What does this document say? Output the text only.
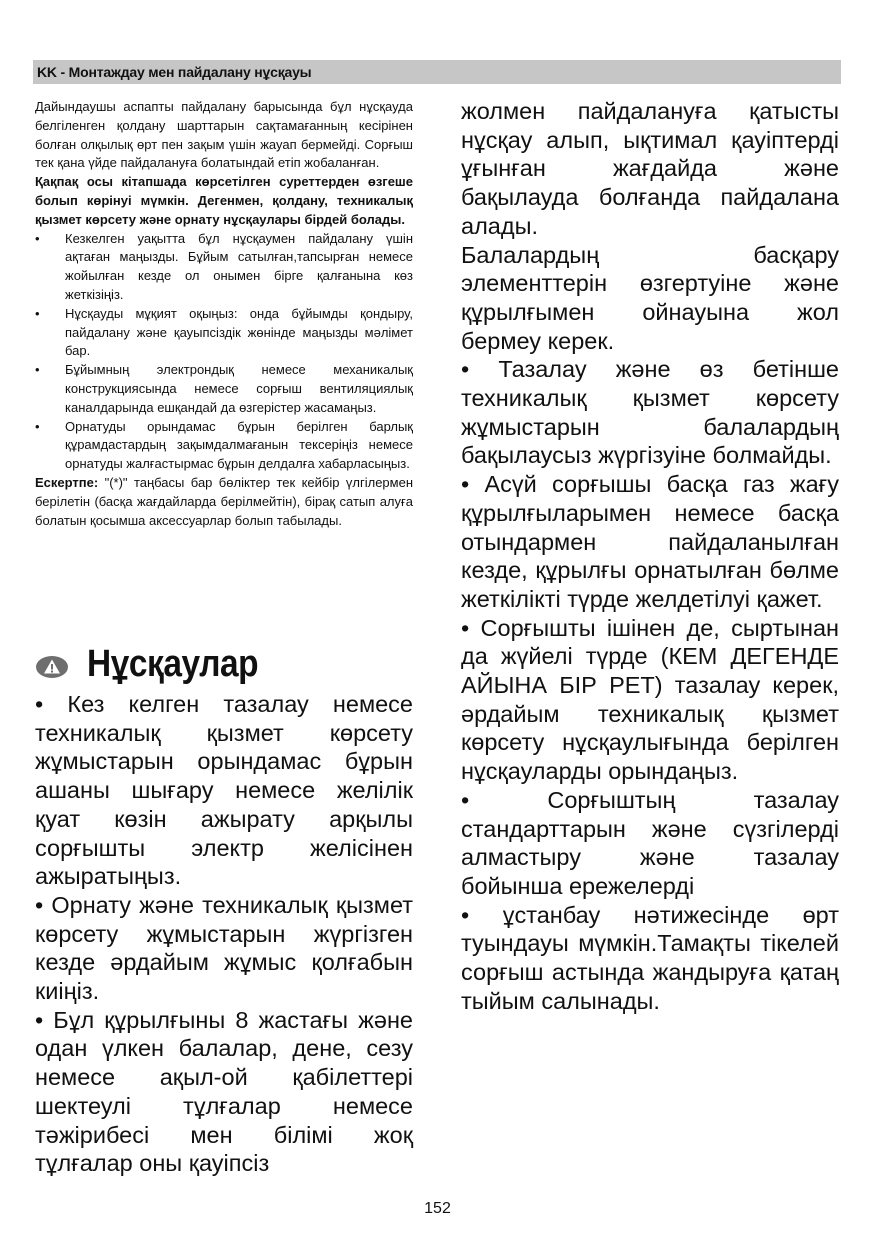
KK - Монтаждау мен пайдалану нұсқауы

Дайындаушы аспапты пайдалану барысында бұл нұсқауда белгіленген қолдану шарттарын сақтамағанның кесірінен болған олқылық өрт пен зақым үшін жауап бермейді. Сорғыш тек қана үйде пайдалануға болатындай етіп жобаланған.

Қақпақ осы кітапшада көрсетілген суреттерден өзгеше болып көрінуі мүмкін. Дегенмен, қолдану, техникалық қызмет көрсету және орнату нұсқаулары бірдей болады.

• Кезкелген уақытта бұл нұсқаумен пайдалану үшін ақтаған маңызды. Бұйым сатылған,тапсырған немесе жойылған кезде ол онымен бірге қалғанына көз жеткізіңіз.
• Нұсқауды мұқият оқыңыз: онда бұйымды қондыру, пайдалану және қауыпсіздік жөнінде маңызды мәлімет бар.
• Бұйымның электрондық немесе механикалық конструкциясында немесе сорғыш вентиляциялық каналдарында ешқандай да өзгерістер жасамаңыз.
• Орнатуды орындамас бұрын берілген барлық құрамдастардың зақымдалмағанын тексеріңіз немесе орнатуды жалғастырмас бұрын делдалға хабарласыңыз.

Ескертпе: "(*)" таңбасы бар бөліктер тек кейбір үлгілермен берілетін (басқа жағдайларда берілмейтін), бірақ сатып алуға болатын қосымша аксессуарлар болып табылады.

Нұсқаулар

• Кез келген тазалау немесе техникалық қызмет көрсету жұмыстарын орындамас бұрын ашаны шығару немесе желілік қуат көзін ажырату арқылы сорғышты электр желісінен ажыратыңыз.

• Орнату және техникалық қызмет көрсету жұмыстарын жүргізген кезде әрдайым жұмыс қолғабын киіңіз.

• Бұл құрылғыны 8 жастағы және одан үлкен балалар, дене, сезу немесе ақыл-ой қабілеттері шектеулі тұлғалар немесе тәжірибесі мен білімі жоқ тұлғалар оны қауіпсіз

жолмен пайдалануға қатысты нұсқау алып, ықтимал қауіптерді ұғынған жағдайда және бақылауда болғанда пайдалана алады.

Балалардың басқару элементтерін өзгертуіне және құрылғымен ойнауына жол бермеу керек.

• Тазалау және өз бетінше техникалық қызмет көрсету жұмыстарын балалардың бақылаусыз жүргізуіне болмайды.

• Асүй сорғышы басқа газ жағу құрылғыларымен немесе басқа отындармен пайдаланылған кезде, құрылғы орнатылған бөлме жеткілікті түрде желдетілуі қажет.

• Сорғышты ішінен де, сыртынан да жүйелі түрде (КЕМ ДЕГЕНДЕ АЙЫНА БІР РЕТ) тазалау керек, әрдайым техникалық қызмет көрсету нұсқаулығында берілген нұсқауларды орындаңыз.

• Сорғыштың тазалау стандарттарын және сүзгілерді алмастыру және тазалау бойынша ережелерді

• ұстанбау нәтижесінде өрт туындауы мүмкін.Тамақты тікелей сорғыш астында жандыруға қатаң тыйым салынады.

152
